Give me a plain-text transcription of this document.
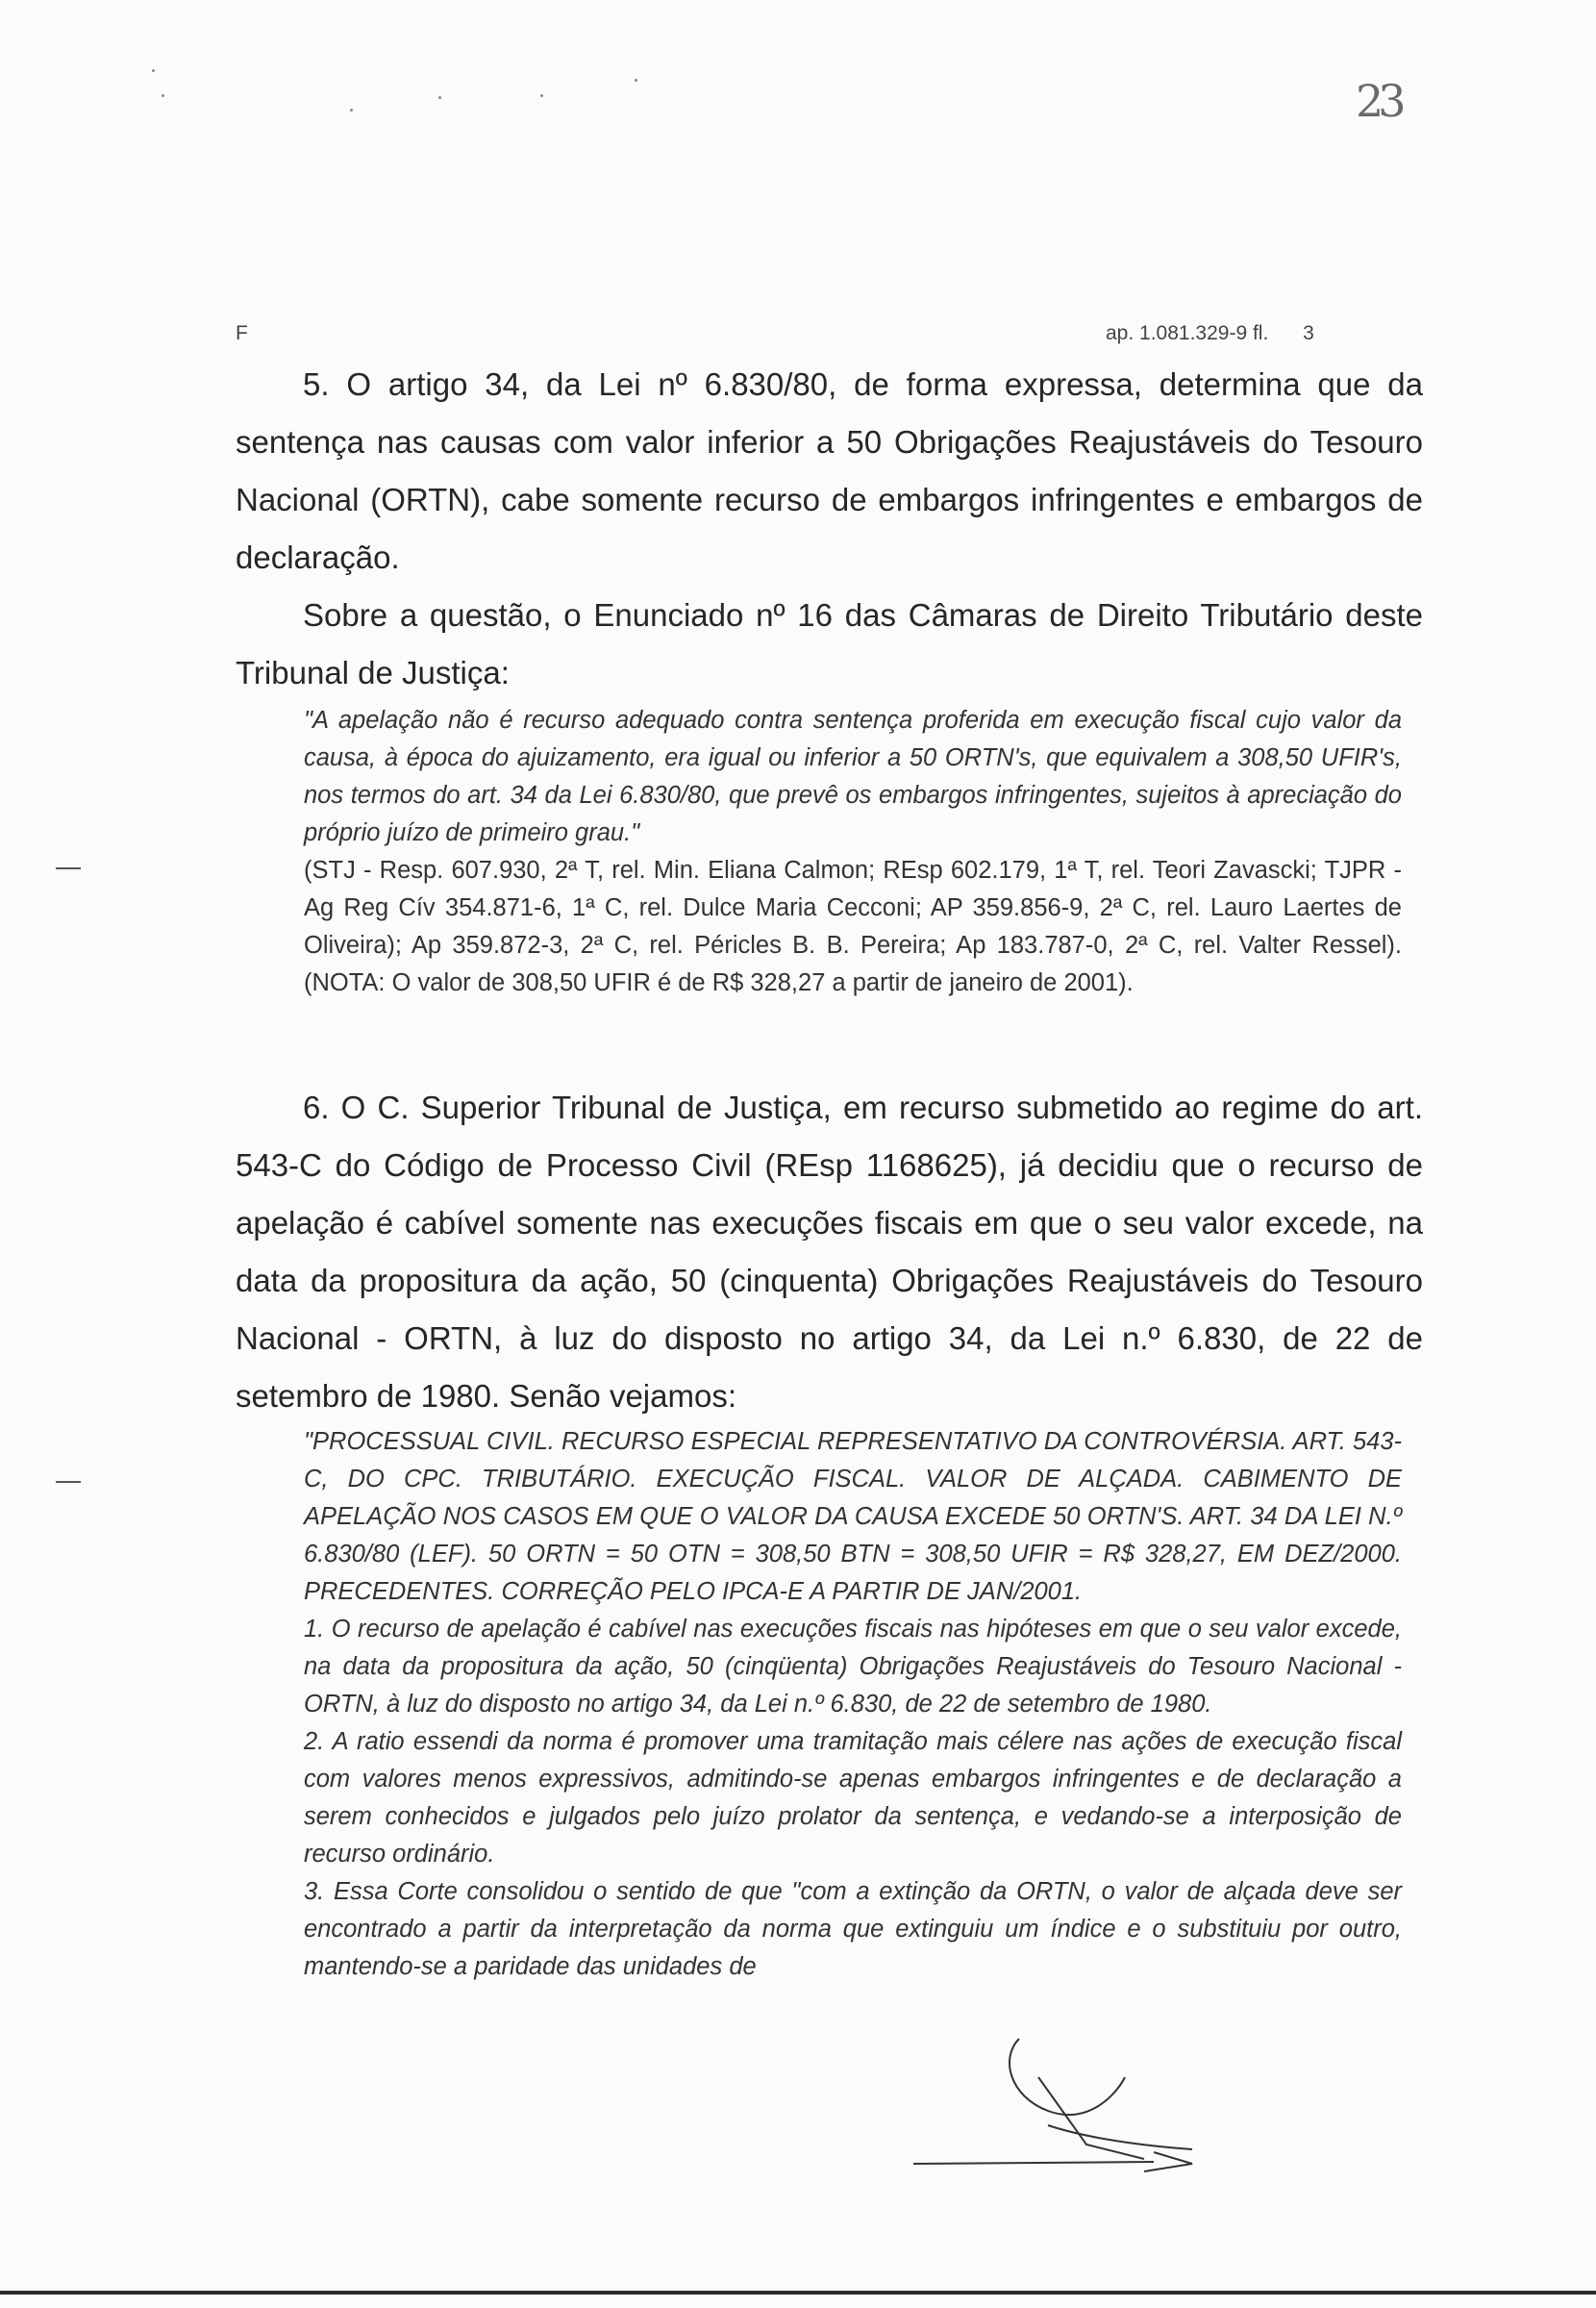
23
F	ap. 1.081.329-9 fl. 3
5. O artigo 34, da Lei nº 6.830/80, de forma expressa, determina que da sentença nas causas com valor inferior a 50 Obrigações Reajustáveis do Tesouro Nacional (ORTN), cabe somente recurso de embargos infringentes e embargos de declaração.
Sobre a questão, o Enunciado nº 16 das Câmaras de Direito Tributário deste Tribunal de Justiça:

"A apelação não é recurso adequado contra sentença proferida em execução fiscal cujo valor da causa, à época do ajuizamento, era igual ou inferior a 50 ORTN's, que equivalem a 308,50 UFIR's, nos termos do art. 34 da Lei 6.830/80, que prevê os embargos infringentes, sujeitos à apreciação do próprio juízo de primeiro grau."

(STJ - Resp. 607.930, 2ª T, rel. Min. Eliana Calmon; REsp 602.179, 1ª T, rel. Teori Zavascki; TJPR - Ag Reg Cív 354.871-6, 1ª C, rel. Dulce Maria Cecconi; AP 359.856-9, 2ª C, rel. Lauro Laertes de Oliveira); Ap 359.872-3, 2ª C, rel. Péricles B. B. Pereira; Ap 183.787-0, 2ª C, rel. Valter Ressel). (NOTA: O valor de 308,50 UFIR é de R$ 328,27 a partir de janeiro de 2001).

6. O C. Superior Tribunal de Justiça, em recurso submetido ao regime do art. 543-C do Código de Processo Civil (REsp 1168625), já decidiu que o recurso de apelação é cabível somente nas execuções fiscais em que o seu valor excede, na data da propositura da ação, 50 (cinquenta) Obrigações Reajustáveis do Tesouro Nacional - ORTN, à luz do disposto no artigo 34, da Lei n.º 6.830, de 22 de setembro de 1980. Senão vejamos:

"PROCESSUAL CIVIL. RECURSO ESPECIAL REPRESENTATIVO DA CONTROVÉRSIA. ART. 543-C, DO CPC. TRIBUTÁRIO. EXECUÇÃO FISCAL. VALOR DE ALÇADA. CABIMENTO DE APELAÇÃO NOS CASOS EM QUE O VALOR DA CAUSA EXCEDE 50 ORTN'S. ART. 34 DA LEI N.º 6.830/80 (LEF). 50 ORTN = 50 OTN = 308,50 BTN = 308,50 UFIR = R$ 328,27, EM DEZ/2000. PRECEDENTES. CORREÇÃO PELO IPCA-E A PARTIR DE JAN/2001.

1. O recurso de apelação é cabível nas execuções fiscais nas hipóteses em que o seu valor excede, na data da propositura da ação, 50 (cinqüenta) Obrigações Reajustáveis do Tesouro Nacional - ORTN, à luz do disposto no artigo 34, da Lei n.º 6.830, de 22 de setembro de 1980.

2. A ratio essendi da norma é promover uma tramitação mais célere nas ações de execução fiscal com valores menos expressivos, admitindo-se apenas embargos infringentes e de declaração a serem conhecidos e julgados pelo juízo prolator da sentença, e vedando-se a interposição de recurso ordinário.

3. Essa Corte consolidou o sentido de que "com a extinção da ORTN, o valor de alçada deve ser encontrado a partir da interpretação da norma que extinguiu um índice e o substituiu por outro, mantendo-se a paridade das unidades de
